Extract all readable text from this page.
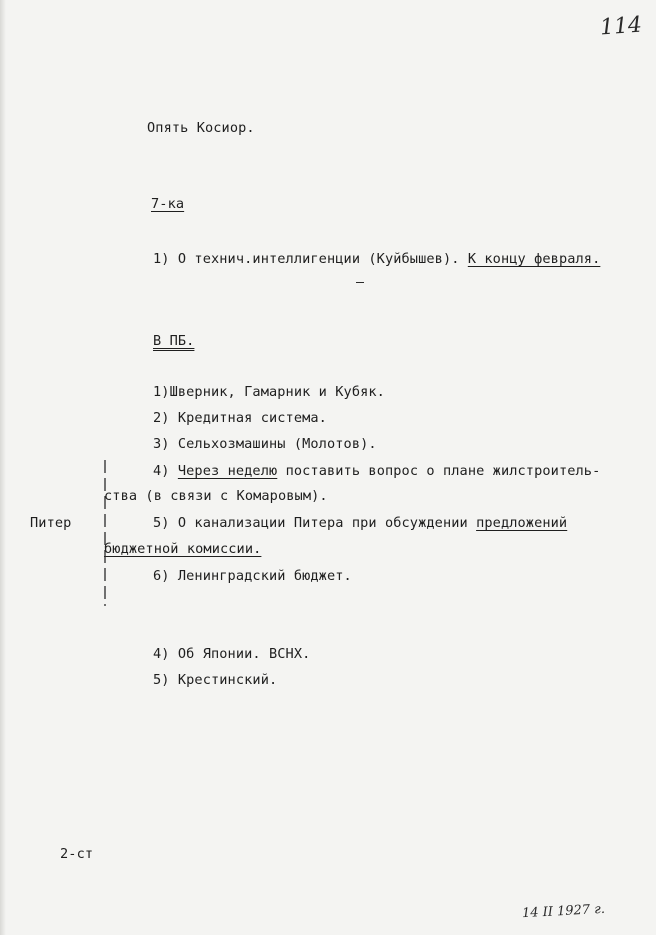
114
Опять Косиор.
7-ка
1) О технич.интеллигенции (Куйбышев). К концу февраля.
В ПБ.
1)Шверник, Гамарник и Кубяк.
2) Кредитная система.
3) Сельхозмашины (Молотов).
4) Через неделю поставить вопрос о плане жилстроитель-
ства (в связи с Комаровым).
5) О канализации Питера при обсуждении предложений
бюджетной комиссии.
6) Ленинградский бюджет.
Питер
4) Об Японии. ВСНХ.
5) Крестинский.
2-ст
14 II 1927 г.
